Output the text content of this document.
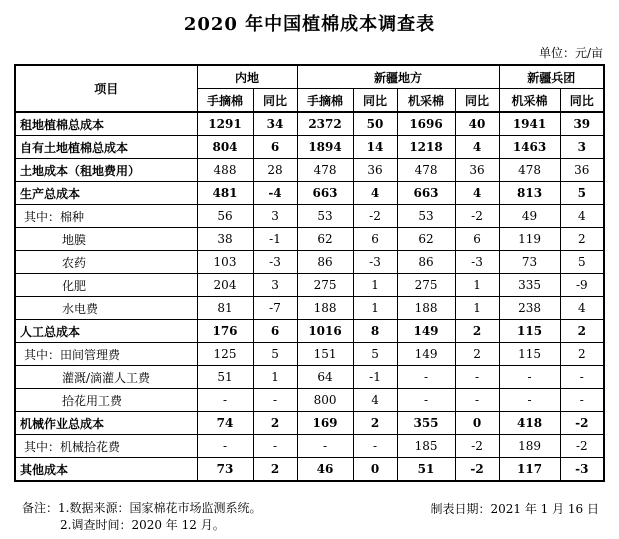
2020 年中国植棉成本调查表
单位：元/亩
项目	内地		新疆地方				新疆兵团	
	手摘棉	同比	手摘棉	同比	机采棉	同比	机采棉	同比
租地植棉总成本	1291	34	2372	50	1696	40	1941	39
自有土地植棉总成本	804	6	1894	14	1218	4	1463	3
土地成本（租地费用）	488	28	478	36	478	36	478	36
生产总成本	481	-4	663	4	663	4	813	5
其中：棉种	56	3	53	-2	53	-2	49	4
地膜	38	-1	62	6	62	6	119	2
农药	103	-3	86	-3	86	-3	73	5
化肥	204	3	275	1	275	1	335	-9
水电费	81	-7	188	1	188	1	238	4
人工总成本	176	6	1016	8	149	2	115	2
其中：田间管理费	125	5	151	5	149	2	115	2
灌溉/滴灌人工费	51	1	64	-1	-	-	-	-
拾花用工费	-	-	800	4	-	-	-	-
机械作业总成本	74	2	169	2	355	0	418	-2
其中：机械拾花费	-	-	-	-	185	-2	189	-2
其他成本	73	2	46	0	51	-2	117	-3
备注：1.数据来源：国家棉花市场监测系统。
2.调查时间：2020 年 12 月。
制表日期：2021 年 1 月 16 日
